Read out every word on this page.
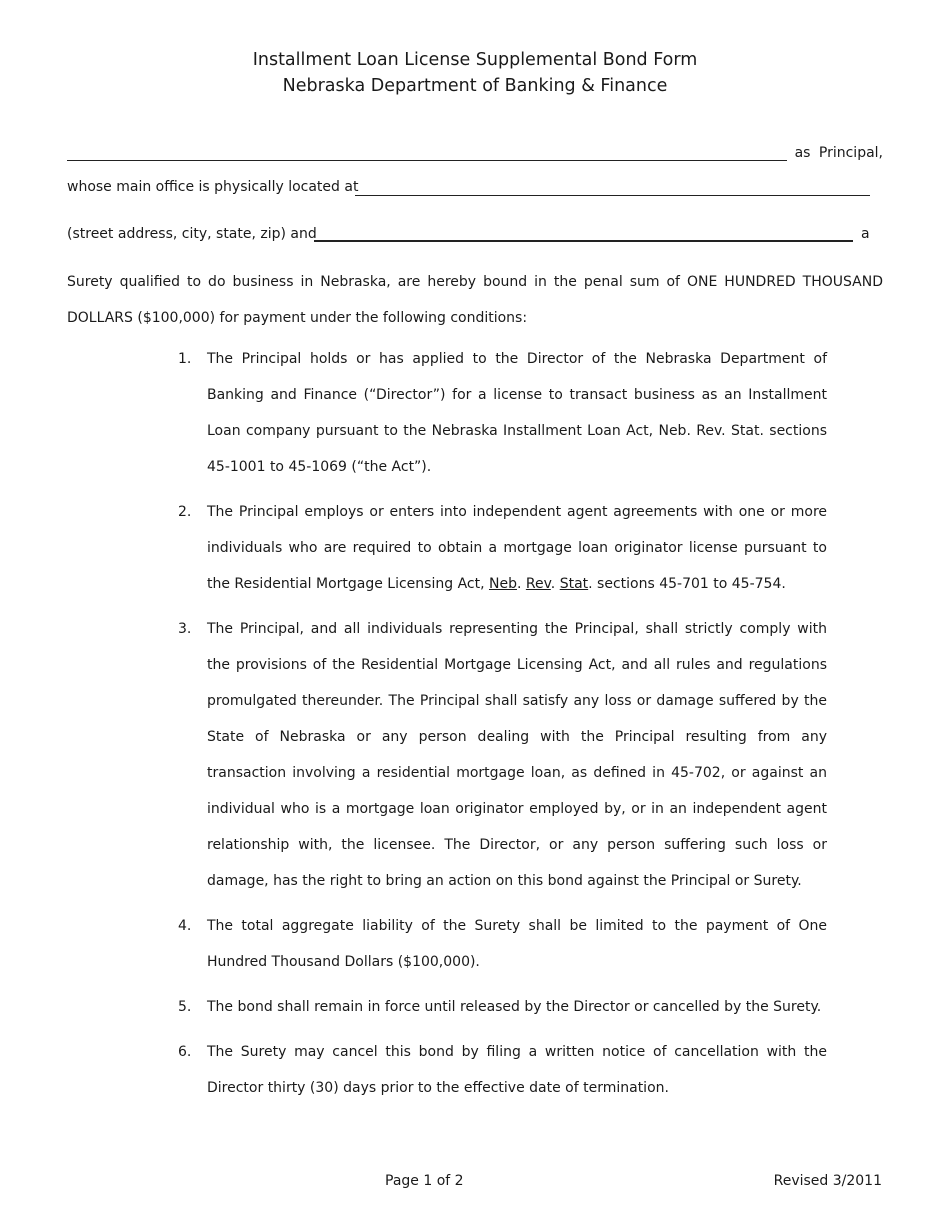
Installment Loan License Supplemental Bond Form
Nebraska Department of Banking & Finance
as Principal,
whose main office is physically located at
(street address, city, state, zip) and	a
Surety qualified to do business in Nebraska, are hereby bound in the penal sum of ONE HUNDRED THOUSAND DOLLARS ($100,000) for payment under the following conditions:
1. The Principal holds or has applied to the Director of the Nebraska Department of Banking and Finance (“Director”) for a license to transact business as an Installment Loan company pursuant to the Nebraska Installment Loan Act, Neb. Rev. Stat. sections 45-1001 to 45-1069 (“the Act”).
2. The Principal employs or enters into independent agent agreements with one or more individuals who are required to obtain a mortgage loan originator license pursuant to the Residential Mortgage Licensing Act, Neb. Rev. Stat. sections 45-701 to 45-754.
3. The Principal, and all individuals representing the Principal, shall strictly comply with the provisions of the Residential Mortgage Licensing Act, and all rules and regulations promulgated thereunder. The Principal shall satisfy any loss or damage suffered by the State of Nebraska or any person dealing with the Principal resulting from any transaction involving a residential mortgage loan, as defined in 45-702, or against an individual who is a mortgage loan originator employed by, or in an independent agent relationship with, the licensee. The Director, or any person suffering such loss or damage, has the right to bring an action on this bond against the Principal or Surety.
4. The total aggregate liability of the Surety shall be limited to the payment of One Hundred Thousand Dollars ($100,000).
5. The bond shall remain in force until released by the Director or cancelled by the Surety.
6. The Surety may cancel this bond by filing a written notice of cancellation with the Director thirty (30) days prior to the effective date of termination.
Page 1 of 2	Revised 3/2011
